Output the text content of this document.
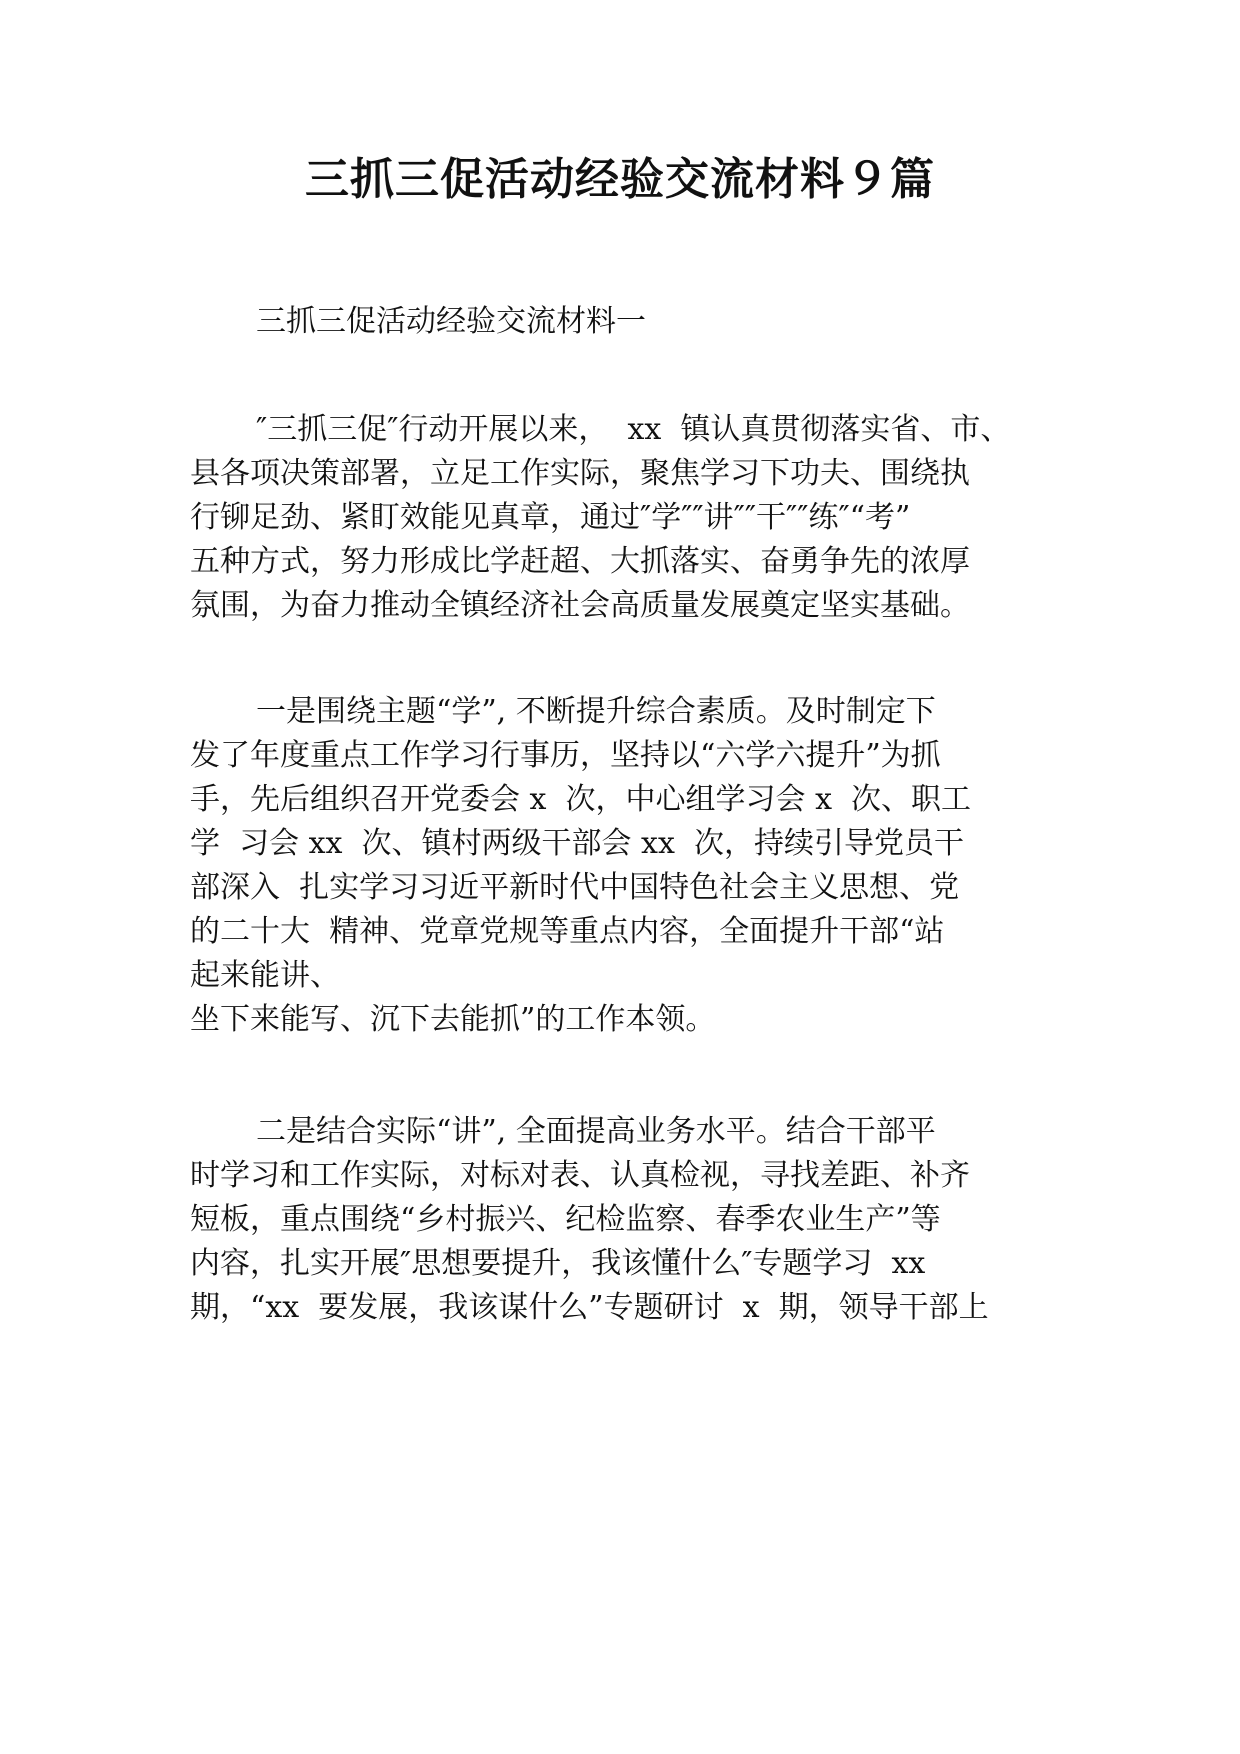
三抓三促活动经验交流材料９篇

三抓三促活动经验交流材料一

″三抓三促″行动开展以来，  xx  镇认真贯彻落实省、市、

县各项决策部署，立足工作实际，聚焦学习下功夫、围绕执

行铆足劲、紧盯效能见真章，通过″学″″讲″″干″″练″“考”

五种方式，努力形成比学赶超、大抓落实、奋勇争先的浓厚

氛围，为奋力推动全镇经济社会高质量发展奠定坚实基础。

一是围绕主题“学”, 不断提升综合素质。及时制定下

发了年度重点工作学习行事历，坚持以“六学六提升”为抓

手，先后组织召开党委会 x  次，中心组学习会 x  次、职工

学  习会 xx  次、镇村两级干部会 xx  次，持续引导党员干

部深入  扎实学习习近平新时代中国特色社会主义思想、党

的二十大  精神、党章党规等重点内容，全面提升干部“站

起来能讲、

坐下来能写、沉下去能抓”的工作本领。

二是结合实际“讲”, 全面提高业务水平。结合干部平

时学习和工作实际，对标对表、认真检视，寻找差距、补齐

短板，重点围绕“乡村振兴、纪检监察、春季农业生产”等

内容，扎实开展″思想要提升，我该懂什么″专题学习  xx

期，“xx  要发展，我该谋什么”专题研讨  x  期，领导干部上
